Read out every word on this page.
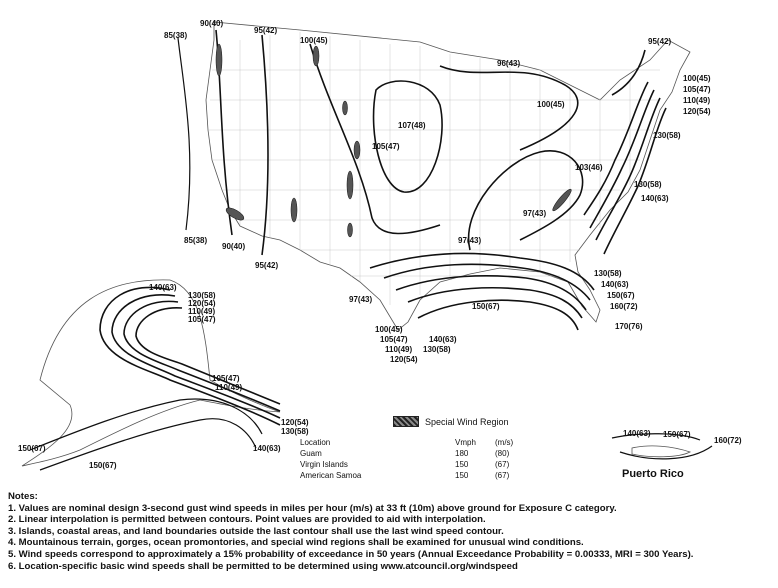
85(38)
90(40)
95(42)
100(45)	95(42)
96(43)
100(45)
107(48)
105(47)
103(46)
100(45)
105(47)
110(49)
120(54)
130(58)
130(58)
140(63)
97(43)
97(43)
85(38)
90(40)
95(42)
97(43)
150(67)
130(58)
140(63)
150(67)
160(72)
170(76)
100(45)
105(47)
110(49)
120(54)
130(58)
140(63)
140(63)
130(58)
120(54)
110(49)
105(47)
105(47)
110(49)
120(54)
130(58)
140(63)
150(67)
150(67)
140(63) 150(67)
160(72)
Special Wind Region
Location	Vmph	(m/s)
Guam	180	(80)
Virgin Islands	150	(67)
American Samoa	150	(67)	Puerto Rico
Notes:
1. Values are nominal design 3-second gust wind speeds in miles per hour (m/s) at 33 ft (10m) above ground for Exposure C category.
2. Linear interpolation is permitted between contours. Point values are provided to aid with interpolation.
3. Islands, coastal areas, and land boundaries outside the last contour shall use the last wind speed contour.
4. Mountainous terrain, gorges, ocean promontories, and special wind regions shall be examined for unusual wind conditions.
5. Wind speeds correspond to approximately a 15% probability of exceedance in 50 years (Annual Exceedance Probability = 0.00333, MRI = 300 Years).
6. Location-specific basic wind speeds shall be permitted to be determined using www.atcouncil.org/windspeed
